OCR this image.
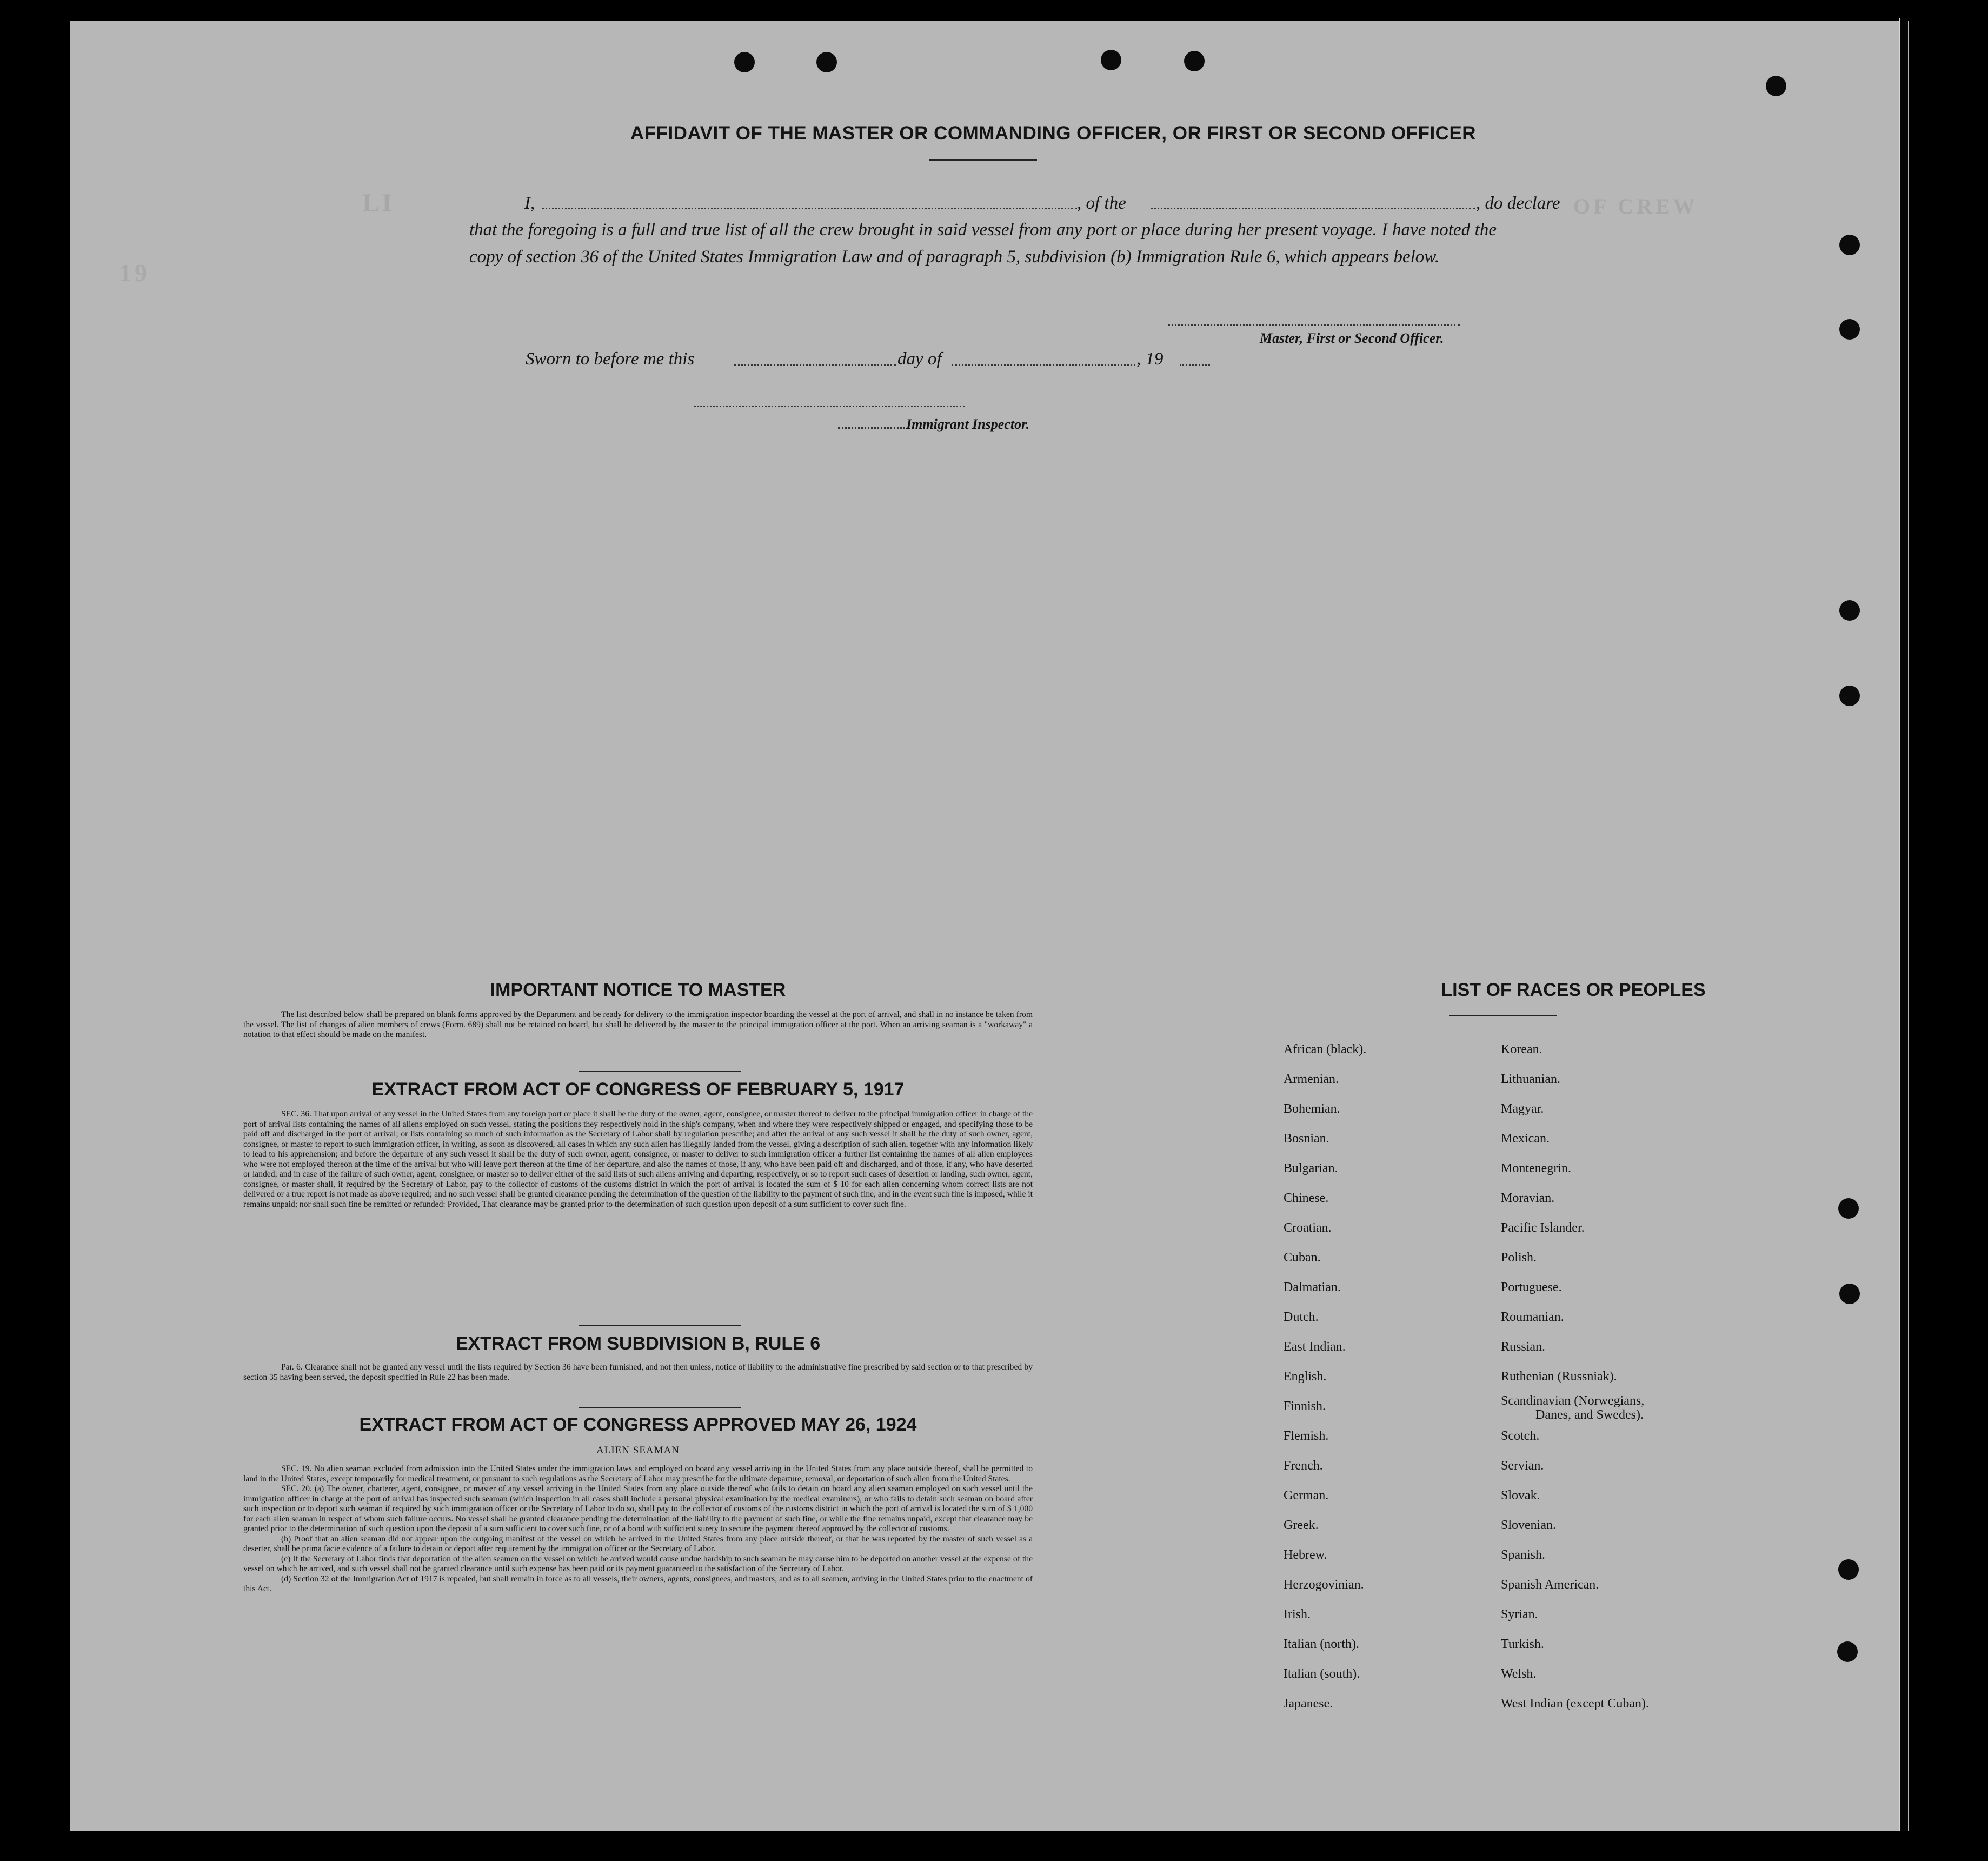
LI	OF CREW
19
AFFIDAVIT OF THE MASTER OR COMMANDING OFFICER, OR FIRST OR SECOND OFFICER
I,	, of the	, do declare
that the foregoing is a full and true list of all the crew brought in said vessel from any port or place during her present voyage. I have noted the copy of section 36 of the United States Immigration Law and of paragraph 5, subdivision (b) Immigration Rule 6, which appears below.
Master, First or Second Officer.
Sworn to before me this	day of	, 19
Immigrant Inspector.
IMPORTANT NOTICE TO MASTER
The list described below shall be prepared on blank forms approved by the Department and be ready for delivery to the immigration inspector boarding the vessel at the port of arrival, and shall in no instance be taken from the vessel. The list of changes of alien members of crews (Form. 689) shall not be retained on board, but shall be delivered by the master to the principal immigration officer at the port. When an arriving seaman is a "workaway" a notation to that effect should be made on the manifest.
EXTRACT FROM ACT OF CONGRESS OF FEBRUARY 5, 1917
SEC. 36. That upon arrival of any vessel in the United States from any foreign port or place it shall be the duty of the owner, agent, consignee, or master thereof to deliver to the principal immigration officer in charge of the port of arrival lists containing the names of all aliens employed on such vessel, stating the positions they respectively hold in the ship's company, when and where they were respectively shipped or engaged, and specifying those to be paid off and discharged in the port of arrival; or lists containing so much of such information as the Secretary of Labor shall by regulation prescribe; and after the arrival of any such vessel it shall be the duty of such owner, agent, consignee, or master to report to such immigration officer, in writing, as soon as discovered, all cases in which any such alien has illegally landed from the vessel, giving a description of such alien, together with any information likely to lead to his apprehension; and before the departure of any such vessel it shall be the duty of such owner, agent, consignee, or master to deliver to such immigration officer a further list containing the names of all alien employees who were not employed thereon at the time of the arrival but who will leave port thereon at the time of her departure, and also the names of those, if any, who have been paid off and discharged, and of those, if any, who have deserted or landed; and in case of the failure of such owner, agent, consignee, or master so to deliver either of the said lists of such aliens arriving and departing, respectively, or so to report such cases of desertion or landing, such owner, agent, consignee, or master shall, if required by the Secretary of Labor, pay to the collector of customs of the customs district in which the port of arrival is located the sum of $ 10 for each alien concerning whom correct lists are not delivered or a true report is not made as above required; and no such vessel shall be granted clearance pending the determination of the question of the liability to the payment of such fine, and in the event such fine is imposed, while it remains unpaid; nor shall such fine be remitted or refunded: Provided, That clearance may be granted prior to the determination of such question upon deposit of a sum sufficient to cover such fine.
EXTRACT FROM SUBDIVISION B, RULE 6
Par. 6. Clearance shall not be granted any vessel until the lists required by Section 36 have been furnished, and not then unless, notice of liability to the administrative fine prescribed by said section or to that prescribed by section 35 having been served, the deposit specified in Rule 22 has been made.
EXTRACT FROM ACT OF CONGRESS APPROVED MAY 26, 1924
ALIEN SEAMAN
SEC. 19. No alien seaman excluded from admission into the United States under the immigration laws and employed on board any vessel arriving in the United States from any place outside thereof, shall be permitted to land in the United States, except temporarily for medical treatment, or pursuant to such regulations as the Secretary of Labor may prescribe for the ultimate departure, removal, or deportation of such alien from the United States.
SEC. 20. (a) The owner, charterer, agent, consignee, or master of any vessel arriving in the United States from any place outside thereof who fails to detain on board any alien seaman employed on such vessel until the immigration officer in charge at the port of arrival has inspected such seaman (which inspection in all cases shall include a personal physical examination by the medical examiners), or who fails to detain such seaman on board after such inspection or to deport such seaman if required by such immigration officer or the Secretary of Labor to do so, shall pay to the collector of customs of the customs district in which the port of arrival is located the sum of $ 1,000 for each alien seaman in respect of whom such failure occurs. No vessel shall be granted clearance pending the determination of the liability to the payment of such fine, or while the fine remains unpaid, except that clearance may be granted prior to the determination of such question upon the deposit of a sum sufficient to cover such fine, or of a bond with sufficient surety to secure the payment thereof approved by the collector of customs.
(b) Proof that an alien seaman did not appear upon the outgoing manifest of the vessel on which he arrived in the United States from any place outside thereof, or that he was reported by the master of such vessel as a deserter, shall be prima facie evidence of a failure to detain or deport after requirement by the immigration officer or the Secretary of Labor.
(c) If the Secretary of Labor finds that deportation of the alien seamen on the vessel on which he arrived would cause undue hardship to such seaman he may cause him to be deported on another vessel at the expense of the vessel on which he arrived, and such vessel shall not be granted clearance until such expense has been paid or its payment guaranteed to the satisfaction of the Secretary of Labor.
(d) Section 32 of the Immigration Act of 1917 is repealed, but shall remain in force as to all vessels, their owners, agents, consignees, and masters, and as to all seamen, arriving in the United States prior to the enactment of this Act.
LIST OF RACES OR PEOPLES
African (black).
Armenian.
Bohemian.
Bosnian.
Bulgarian.
Chinese.
Croatian.
Cuban.
Dalmatian.
Dutch.
East Indian.
English.
Finnish.
Flemish.
French.
German.
Greek.
Hebrew.
Herzogovinian.
Irish.
Italian (north).
Italian (south).
Japanese.
Korean.
Lithuanian.
Magyar.
Mexican.
Montenegrin.
Moravian.
Pacific Islander.
Polish.
Portuguese.
Roumanian.
Russian.
Ruthenian (Russniak).
Scandinavian (Norwegians,
Danes, and Swedes).
Scotch.
Servian.
Slovak.
Slovenian.
Spanish.
Spanish American.
Syrian.
Turkish.
Welsh.
West Indian (except Cuban).
